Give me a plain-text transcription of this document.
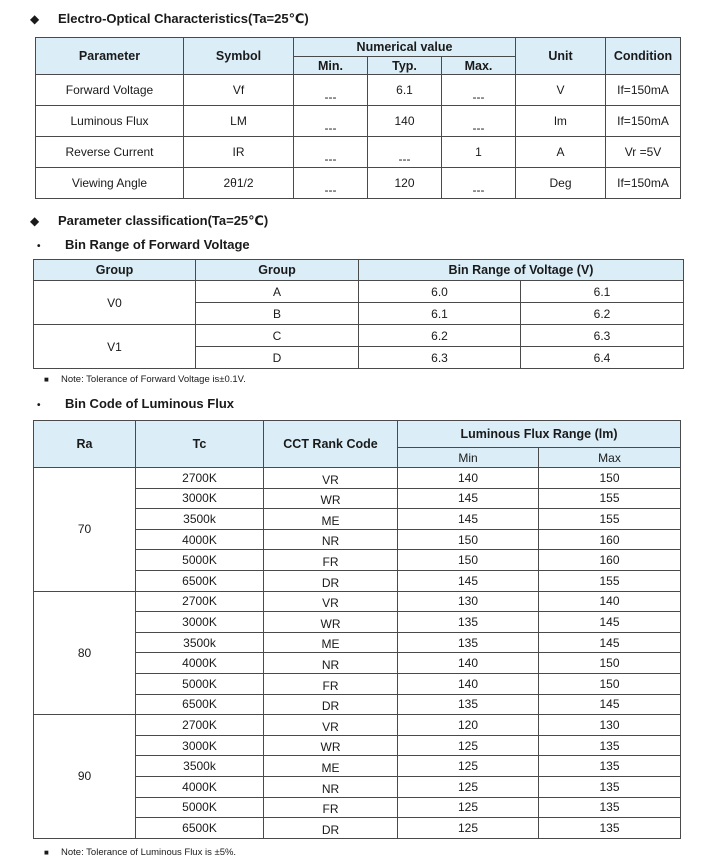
◆ Electro-Optical Characteristics(Ta=25℃)
Parameter	Symbol	Numerical value			Unit	Condition
		Min.	Typ.	Max.		
Forward Voltage	Vf	---	6.1	---	V	If=150mA
Luminous Flux	LM	---	140	---	lm	If=150mA
Reverse Current	IR	---	---	1	A	Vr =5V
Viewing Angle	2θ1/2	---	120	---	Deg	If=150mA
◆ Parameter classification(Ta=25℃)
• Bin Range of Forward Voltage
Group	Group	Bin Range of Voltage (V)	
V0	A	6.0	6.1
	B	6.1	6.2
V1	C	6.2	6.3
	D	6.3	6.4
■ Note: Tolerance of Forward Voltage is±0.1V.
• Bin Code of Luminous Flux
Ra	Tc	CCT Rank Code	Luminous Flux Range (lm)	
			Min	Max
70	2700K	VR	140	150
	3000K	WR	145	155
	3500k	ME	145	155
	4000K	NR	150	160
	5000K	FR	150	160
	6500K	DR	145	155
80	2700K	VR	130	140
	3000K	WR	135	145
	3500k	ME	135	145
	4000K	NR	140	150
	5000K	FR	140	150
	6500K	DR	135	145
90	2700K	VR	120	130
	3000K	WR	125	135
	3500k	ME	125	135
	4000K	NR	125	135
	5000K	FR	125	135
	6500K	DR	125	135
■ Note: Tolerance of Luminous Flux is ±5%.
